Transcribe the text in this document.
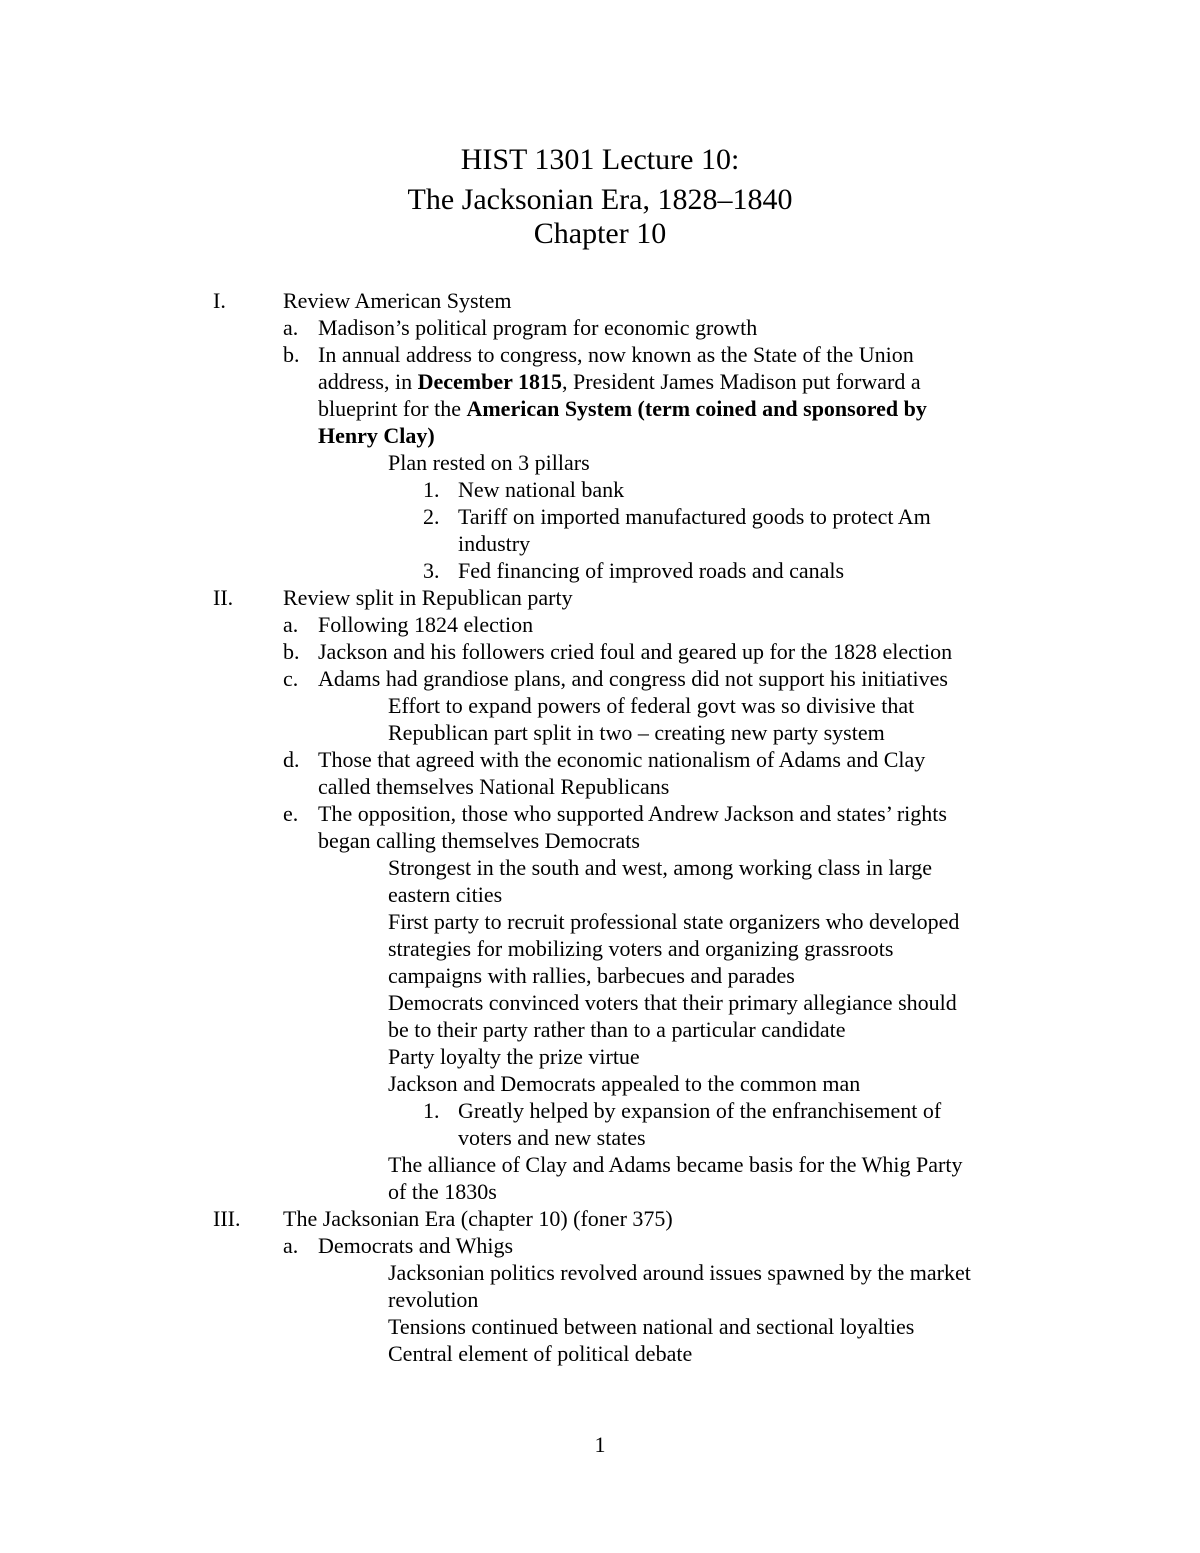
HIST 1301 Lecture 10:
The Jacksonian Era, 1828–1840
Chapter 10
I.	Review American System
a. Madison’s political program for economic growth
b. In annual address to congress, now known as the State of the Union
address, in December 1815, President James Madison put forward a
blueprint for the American System (term coined and sponsored by
Henry Clay)
Plan rested on 3 pillars
1. New national bank
2. Tariff on imported manufactured goods to protect Am
industry
3. Fed financing of improved roads and canals
II. Review split in Republican party
a. Following 1824 election
b. Jackson and his followers cried foul and geared up for the 1828 election
c. Adams had grandiose plans, and congress did not support his initiatives
Effort to expand powers of federal govt was so divisive that
Republican part split in two – creating new party system
d. Those that agreed with the economic nationalism of Adams and Clay
called themselves National Republicans
e. The opposition, those who supported Andrew Jackson and states’ rights
began calling themselves Democrats
Strongest in the south and west, among working class in large
eastern cities
First party to recruit professional state organizers who developed
strategies for mobilizing voters and organizing grassroots
campaigns with rallies, barbecues and parades
Democrats convinced voters that their primary allegiance should
be to their party rather than to a particular candidate
Party loyalty the prize virtue
Jackson and Democrats appealed to the common man
1. Greatly helped by expansion of the enfranchisement of
voters and new states
The alliance of Clay and Adams became basis for the Whig Party
of the 1830s
III. The Jacksonian Era (chapter 10) (foner 375)
a. Democrats and Whigs
Jacksonian politics revolved around issues spawned by the market
revolution
Tensions continued between national and sectional loyalties
Central element of political debate
1
